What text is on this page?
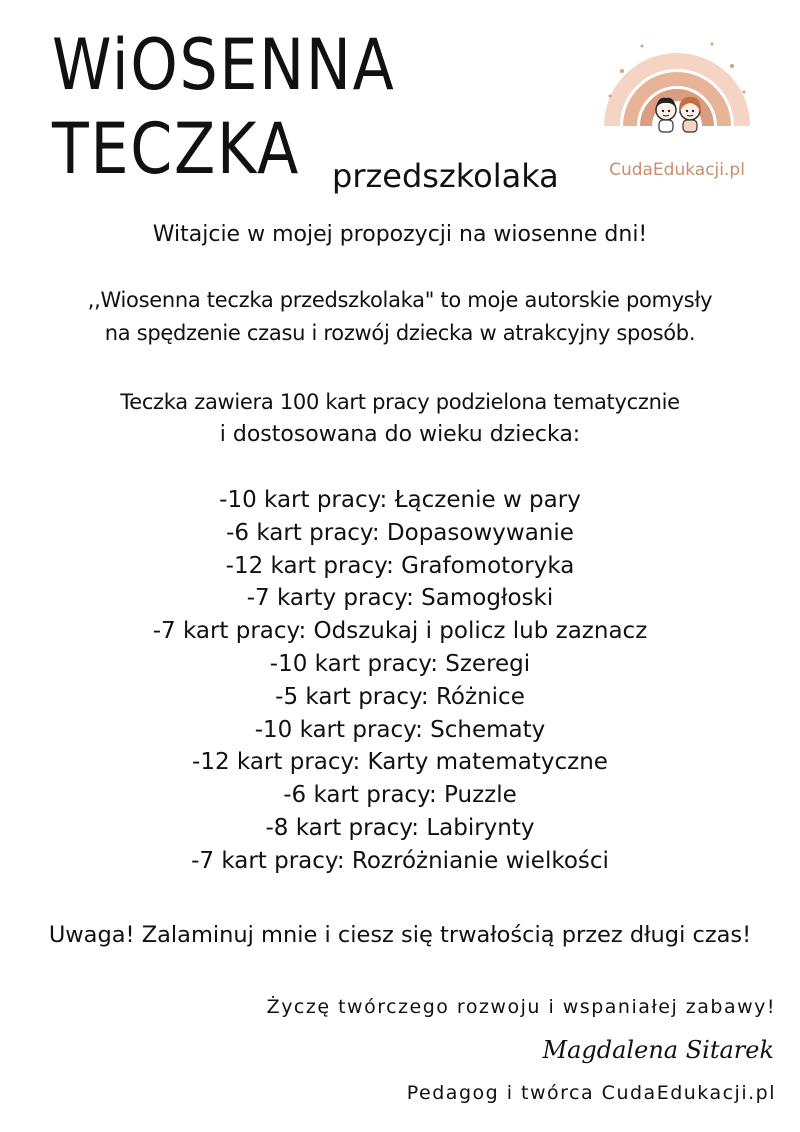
WiOSENNA
TECZKA przedszkolaka	CudaEdukacji.pl

Witajcie w mojej propozycji na wiosenne dni!

,,Wiosenna teczka przedszkolaka" to moje autorskie pomysły

na spędzenie czasu i rozwój dziecka w atrakcyjny sposób.

Teczka zawiera 100 kart pracy podzielona tematycznie

i dostosowana do wieku dziecka:

-10 kart pracy: Łączenie w pary
-6 kart pracy: Dopasowywanie
-12 kart pracy: Grafomotoryka
-7 karty pracy: Samogłoski
-7 kart pracy: Odszukaj i policz lub zaznacz
-10 kart pracy: Szeregi
-5 kart pracy: Różnice
-10 kart pracy: Schematy
-12 kart pracy: Karty matematyczne
-6 kart pracy: Puzzle
-8 kart pracy: Labirynty
-7 kart pracy: Rozróżnianie wielkości

Uwaga! Zalaminuj mnie i ciesz się trwałością przez długi czas!

Życzę twórczego rozwoju i wspaniałej zabawy!

Magdalena Sitarek

Pedagog i twórca CudaEdukacji.pl
